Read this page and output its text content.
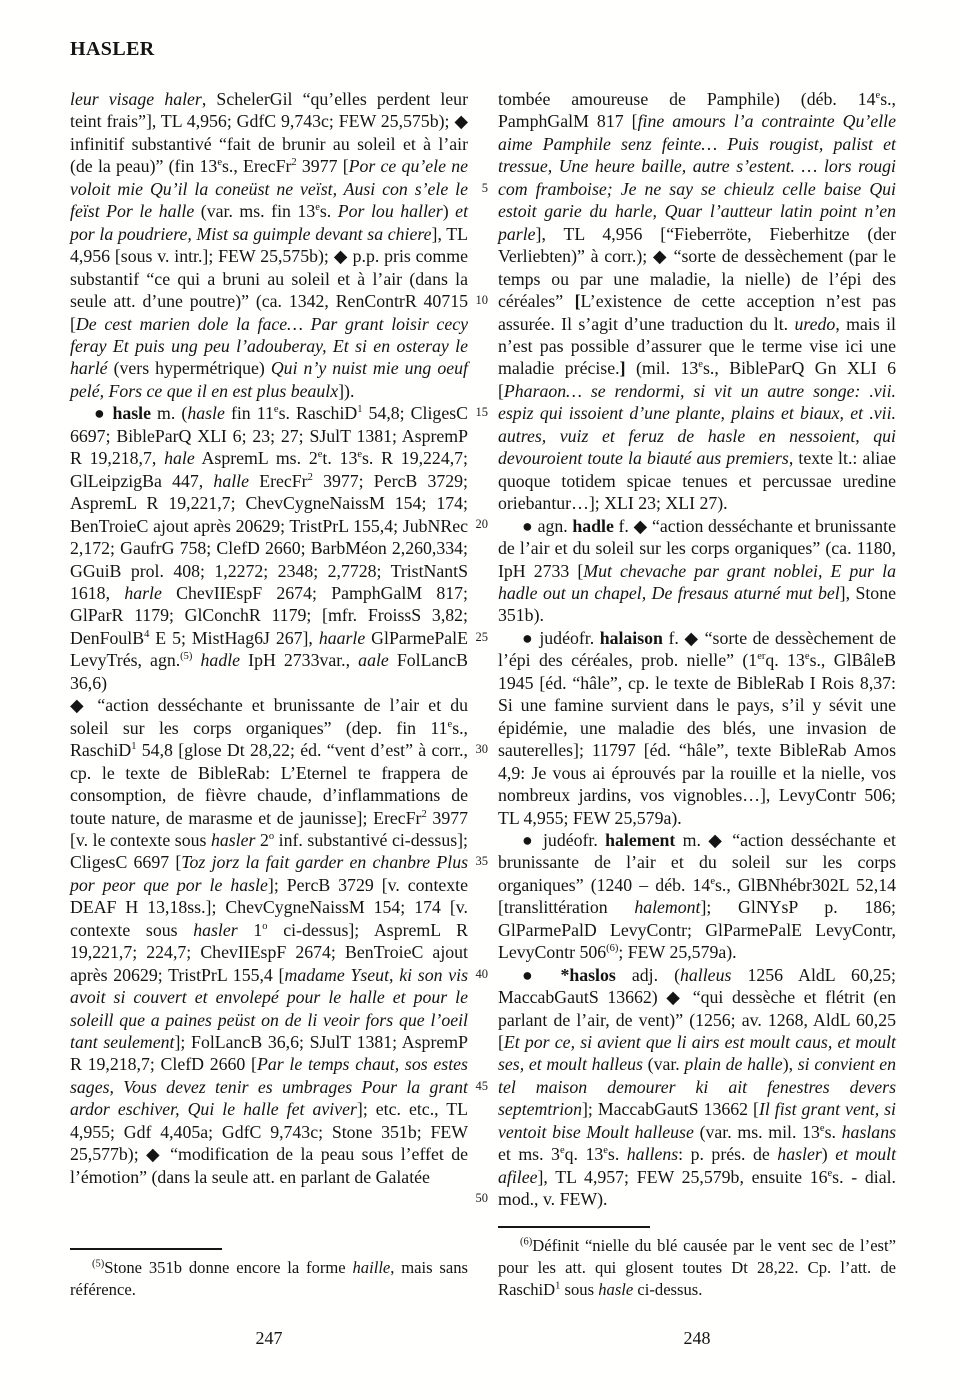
HASLER
5
10
15
20
25
30
35
40
45
50

leur visage haler, SchelerGil “qu’elles perdent leur teint frais”], TL 4,956; GdfC 9,743c; FEW 25,575b); ◆ infinitif substantivé “fait de brunir au soleil et à l’air (de la peau)” (fin 13es., ErecFr$^2$ 3977 [Por ce qu’ele ne voloit mie Qu’il la coneüst ne veïst, Ausi con s’ele le feïst Por le halle (var. ms. fin 13es. Por lou haller) et por la poudriere, Mist sa guimple devant sa chiere], TL 4,956 [sous v. intr.]; FEW 25,575b); ◆ p.p. pris comme substantif “ce qui a bruni au soleil et à l’air (dans la seule att. d’une poutre)” (ca. 1342, RenContrR 40715 [De cest marien dole la face… Par grant loisir cecy feray Et puis ung peu l’adouberay, Et si en osteray le harlé (vers hypermétrique) Qui n’y nuist mie ung oeuf pelé, Fors ce que il en est plus beaulx]).

● hasle m. (hasle fin 11es. RaschiD$^1$ 54,8; CligesC 6697; BibleParQ XLI 6; 23; 27; SJulT 1381; AspremP R 19,218,7, hale AspremL ms. 2et. 13es. R 19,224,7; GlLeipzigBa 447, halle ErecFr$^2$ 3977; PercB 3729; AspremL R 19,221,7; ChevCygneNaissM 154; 174; BenTroieC ajout après 20629; TristPrL 155,4; JubNRec 2,172; GaufrG 758; ClefD 2660; BarbMéon 2,260,334; GGuiB prol. 408; 1,2272; 2348; 2,7728; TristNantS 1618, harle ChevIIEspF 2674; PamphGalM 817; GlParR 1179; GlConchR 1179; [mfr. FroissS 3,82; DenFoulB$^4$ E 5; MistHag6J 267], haarle GlParmePalE LevyTrés, agn.$^{(5)}$ hadle IpH 2733var., aale FolLancB 36,6)

◆ “action desséchante et brunissante de l’air et du soleil sur les corps organiques” (dep. fin 11es., RaschiD$^1$ 54,8 [glose Dt 28,22; éd. “vent d’est” à corr., cp. le texte de BibleRab: L’Eternel te frappera de consomption, de fièvre chaude, d’inflammations de toute nature, de marasme et de jaunisse]; ErecFr$^2$ 3977 [v. le contexte sous hasler 2$^o$ inf. substantivé ci-dessus]; CligesC 6697 [Toz jorz la fait garder en chanbre Plus por peor que por le hasle]; PercB 3729 [v. contexte DEAF H 13,18ss.]; ChevCygneNaissM 154; 174 [v. contexte sous hasler 1$^o$ ci-dessus]; AspremL R 19,221,7; 224,7; ChevIIEspF 2674; BenTroieC ajout après 20629; TristPrL 155,4 [madame Yseut, ki son vis avoit si couvert et envolepé pour le halle et pour le soleill que a paines peüst on de li veoir fors que l’oeil tant seulement]; FolLancB 36,6; SJulT 1381; AspremP R 19,218,7; ClefD 2660 [Par le temps chaut, sos estes sages, Vous devez tenir es umbrages Pour la grant ardor eschiver, Qui le halle fet aviver]; etc. etc., TL 4,955; Gdf 4,405a; GdfC 9,743c; Stone 351b; FEW 25,577b); ◆ “modification de la peau sous l’effet de l’émotion” (dans la seule att. en parlant de Galatée

tombée amoureuse de Pamphile) (déb. 14es., PamphGalM 817 [fine amours l’a contrainte Qu’elle aime Pamphile senz feinte… Puis rougist, palist et tressue, Une heure baille, autre s’estent. … lors rougi com framboise; Je ne say se chieulz celle baise Qui estoit garie du harle, Quar l’autteur latin point n’en parle], TL 4,956 [“Fieberröte, Fieberhitze (der Verliebten)” à corr.); ◆ “sorte de dessèchement (par le temps ou par une maladie, la nielle) de l’épi des céréales” [L’existence de cette acception n’est pas assurée. Il s’agit d’une traduction du lt. uredo, mais il n’est pas possible d’assurer que le terme vise ici une maladie précise.] (mil. 13es., BibleParQ Gn XLI 6 [Pharaon… se rendormi, si vit un autre songe: .vii. espiz qui issoient d’une plante, plains et biaux, et .vii. autres, vuiz et feruz de hasle en nessoient, qui devouroient toute la biauté aus premiers, texte lt.: aliae quoque totidem spicae tenues et percussae uredine oriebantur…]; XLI 23; XLI 27).

● agn. hadle f. ◆ “action desséchante et brunissante de l’air et du soleil sur les corps organiques” (ca. 1180, IpH 2733 [Mut chevache par grant noblei, E pur la hadle out un chapel, De fresaus aturné mut bel], Stone 351b).

● judéofr. halaison f. ◆ “sorte de dessèchement de l’épi des céréales, prob. nielle” (1erq. 13es., GlBâleB 1945 [éd. “hâle”, cp. le texte de BibleRab I Rois 8,37: Si une famine survient dans le pays, s’il y sévit une épidémie, une maladie des blés, une invasion de sauterelles]; 11797 [éd. “hâle”, texte BibleRab Amos 4,9: Je vous ai éprouvés par la rouille et la nielle, vos nombreux jardins, vos vignobles…], LevyContr 506; TL 4,955; FEW 25,579a).

● judéofr. halement m. ◆ “action desséchante et brunissante de l’air et du soleil sur les corps organiques” (1240 – déb. 14es., GlBNhébr302L 52,14 [translittération halemont]; GlNYsP p. 186; GlParmePalD LevyContr; GlParmePalE LevyContr, LevyContr 506$^{(6)}$; FEW 25,579a).

● *haslos adj. (halleus 1256 AldL 60,25; MaccabGautS 13662) ◆ “qui dessèche et flétrit (en parlant de l’air, de vent)” (1256; av. 1268, AldL 60,25 [Et por ce, si avient que li airs est moult caus, et moult ses, et moult halleus (var. plain de halle), si convient en tel maison demourer ki ait fenestres devers septemtrion]; MaccabGautS 13662 [Il fist grant vent, si ventoit bise Moult halleuse (var. ms. mil. 13es. haslans et ms. 3eq. 13es. hallens: p. prés. de hasler) et moult afilee], TL 4,957; FEW 25,579b, ensuite 16es. - dial. mod., v. FEW).

$^{(5)}$Stone 351b donne encore la forme haille, mais sans référence.

$^{(6)}$Définit “nielle du blé causée par le vent sec de l’est” pour les att. qui glosent toutes Dt 28,22. Cp. l’att. de RaschiD$^1$ sous hasle ci-dessus.

247	248
